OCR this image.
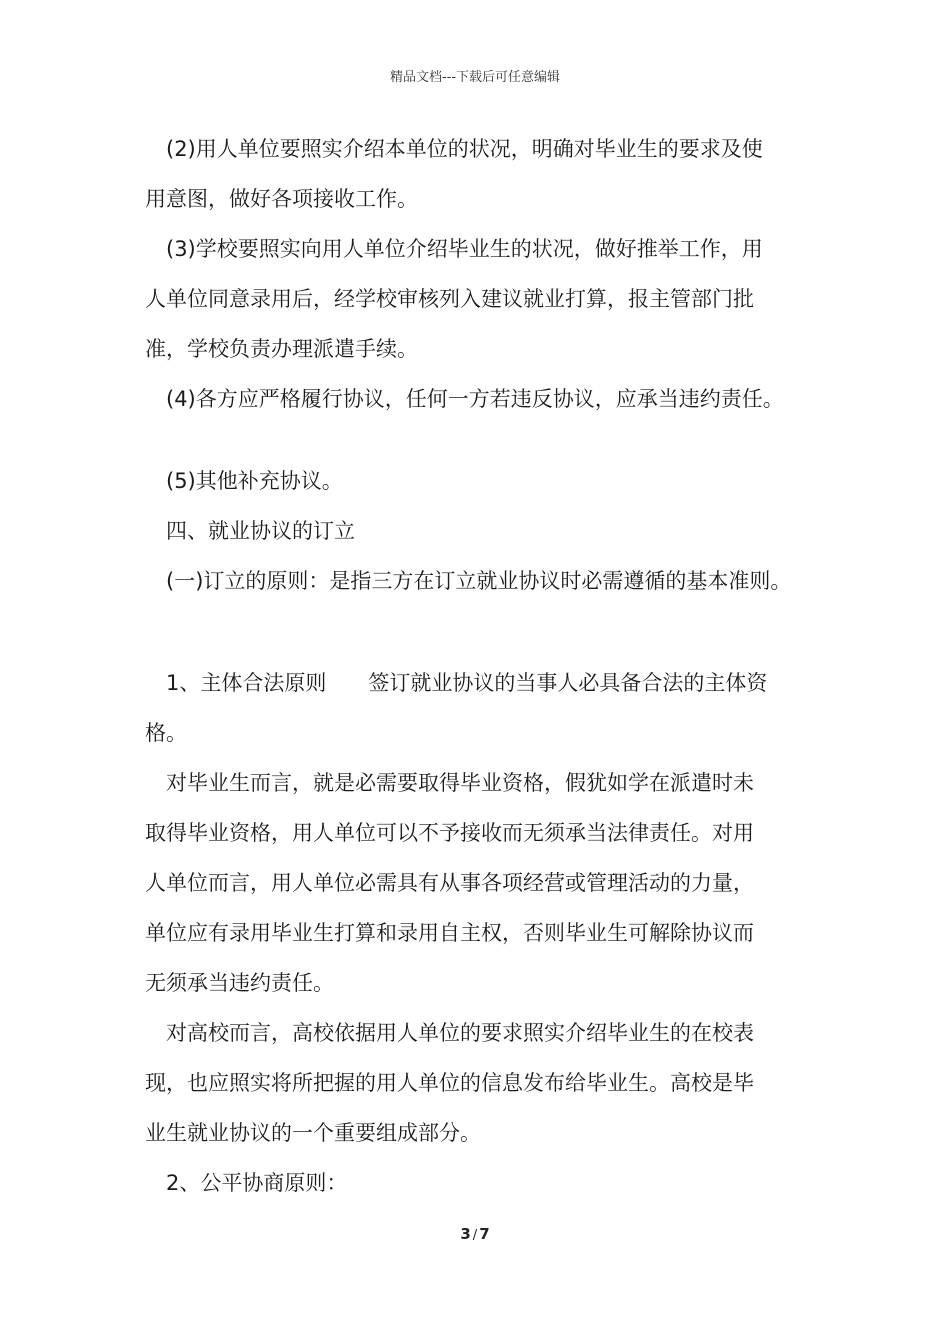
精品文档---下载后可任意编辑

(2)用人单位要照实介绍本单位的状况，明确对毕业生的要求及使
用意图，做好各项接收工作。

(3)学校要照实向用人单位介绍毕业生的状况，做好推举工作，用
人单位同意录用后，经学校审核列入建议就业打算，报主管部门批
准，学校负责办理派遣手续。

(4)各方应严格履行协议，任何一方若违反协议，应承当违约责任。

(5)其他补充协议。

四、就业协议的订立

(一)订立的原则：是指三方在订立就业协议时必需遵循的基本准则。

1、主体合法原则　　签订就业协议的当事人必具备合法的主体资
格。

对毕业生而言，就是必需要取得毕业资格，假犹如学在派遣时未
取得毕业资格，用人单位可以不予接收而无须承当法律责任。对用
人单位而言，用人单位必需具有从事各项经营或管理活动的力量，
单位应有录用毕业生打算和录用自主权，否则毕业生可解除协议而
无须承当违约责任。

对高校而言，高校依据用人单位的要求照实介绍毕业生的在校表
现，也应照实将所把握的用人单位的信息发布给毕业生。高校是毕
业生就业协议的一个重要组成部分。

2、公平协商原则：

3 / 7
